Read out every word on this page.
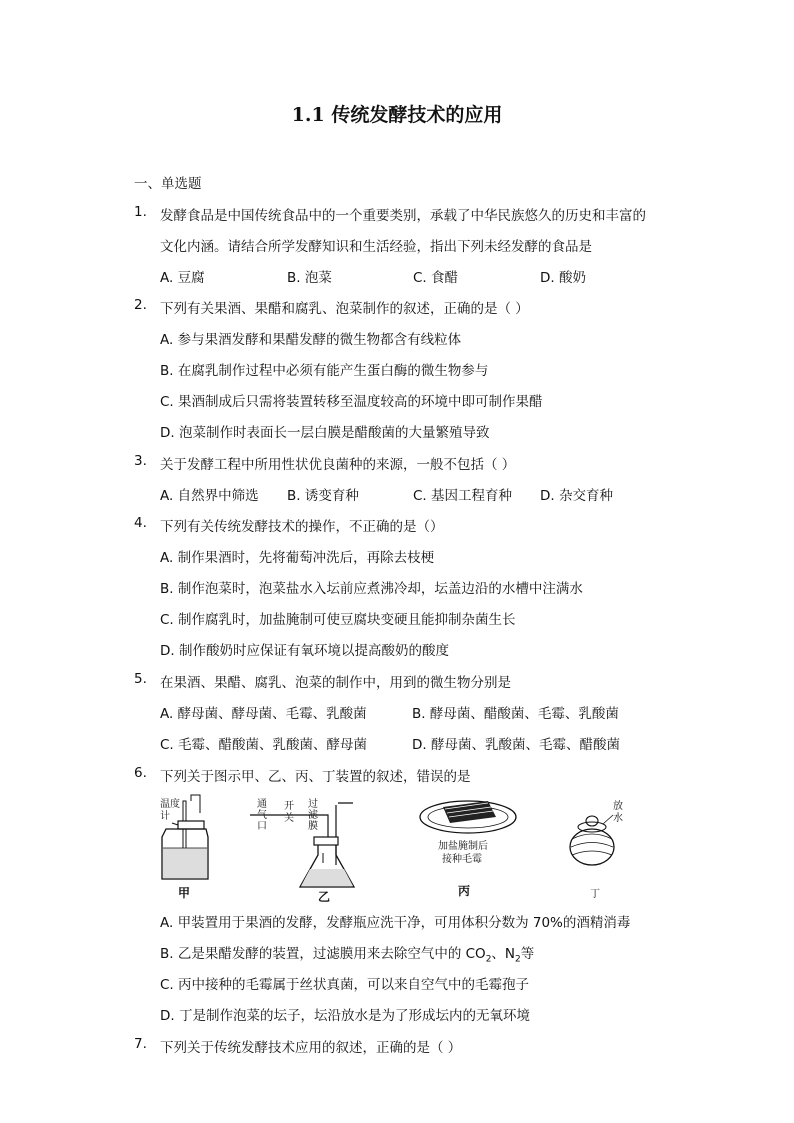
1.1 传统发酵技术的应用
一、单选题
1. 发酵食品是中国传统食品中的一个重要类别，承载了中华民族悠久的历史和丰富的
文化内涵。请结合所学发酵知识和生活经验，指出下列未经发酵的食品是
A. 豆腐	B. 泡菜	C. 食醋	D. 酸奶
2. 下列有关果酒、果醋和腐乳、泡菜制作的叙述，正确的是（ ）
A. 参与果酒发酵和果醋发酵的微生物都含有线粒体
B. 在腐乳制作过程中必须有能产生蛋白酶的微生物参与
C. 果酒制成后只需将装置转移至温度较高的环境中即可制作果醋
D. 泡菜制作时表面长一层白膜是醋酸菌的大量繁殖导致
3. 关于发酵工程中所用性状优良菌种的来源，一般不包括（ ）
A. 自然界中筛选 B. 诱变育种	C. 基因工程育种 D. 杂交育种
4. 下列有关传统发酵技术的操作，不正确的是（）
A. 制作果酒时，先将葡萄冲洗后，再除去枝梗
B. 制作泡菜时，泡菜盐水入坛前应煮沸冷却，坛盖边沿的水槽中注满水
C. 制作腐乳时，加盐腌制可使豆腐块变硬且能抑制杂菌生长
D. 制作酸奶时应保证有氧环境以提高酸奶的酸度
5. 在果酒、果醋、腐乳、泡菜的制作中，用到的微生物分别是
A. 酵母菌、酵母菌、毛霉、乳酸菌	B. 酵母菌、醋酸菌、毛霉、乳酸菌
C. 毛霉、醋酸菌、乳酸菌、酵母菌	D. 酵母菌、乳酸菌、毛霉、醋酸菌
6. 下列关于图示甲、乙、丙、丁装置的叙述，错误的是
温度
计
甲
通
气
口
开
关
过
滤
膜
乙
加盐腌制后
接种毛霉
丙
放
水
丁
A. 甲装置用于果酒的发酵，发酵瓶应洗干净，可用体积分数为 70%的酒精消毒
B. 乙是果醋发酵的装置，过滤膜用来去除空气中的 $CO_2$、$N_2$等
C. 丙中接种的毛霉属于丝状真菌，可以来自空气中的毛霉孢子
D. 丁是制作泡菜的坛子，坛沿放水是为了形成坛内的无氧环境
7. 下列关于传统发酵技术应用的叙述，正确的是（ ）
